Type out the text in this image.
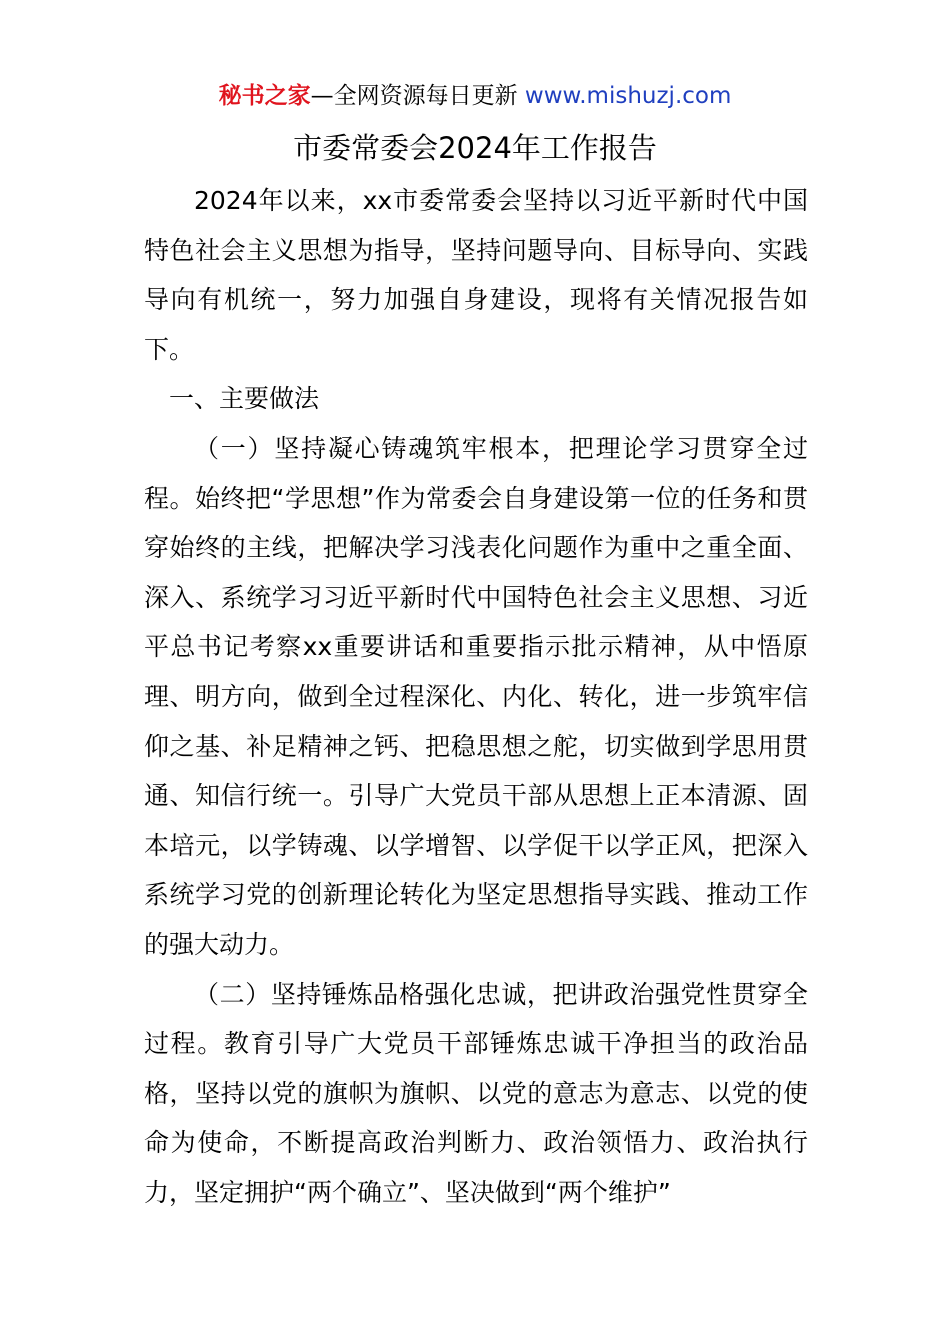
秘书之家—全网资源每日更新 www.mishuzj.com
市委常委会2024年工作报告

2024年以来，xx市委常委会坚持以习近平新时代中国特色社会主义思想为指导，坚持问题导向、目标导向、实践导向有机统一，努力加强自身建设，现将有关情况报告如下。

一、主要做法

（一）坚持凝心铸魂筑牢根本，把理论学习贯穿全过程。始终把“学思想”作为常委会自身建设第一位的任务和贯穿始终的主线，把解决学习浅表化问题作为重中之重全面、深入、系统学习习近平新时代中国特色社会主义思想、习近平总书记考察xx重要讲话和重要指示批示精神，从中悟原理、明方向，做到全过程深化、内化、转化，进一步筑牢信仰之基、补足精神之钙、把稳思想之舵，切实做到学思用贯通、知信行统一。引导广大党员干部从思想上正本清源、固本培元，以学铸魂、以学增智、以学促干以学正风，把深入系统学习党的创新理论转化为坚定思想指导实践、推动工作的强大动力。

（二）坚持锤炼品格强化忠诚，把讲政治强党性贯穿全过程。教育引导广大党员干部锤炼忠诚干净担当的政治品格，坚持以党的旗帜为旗帜、以党的意志为意志、以党的使命为使命，不断提高政治判断力、政治领悟力、政治执行力，坚定拥护“两个确立”、坚决做到“两个维护”
